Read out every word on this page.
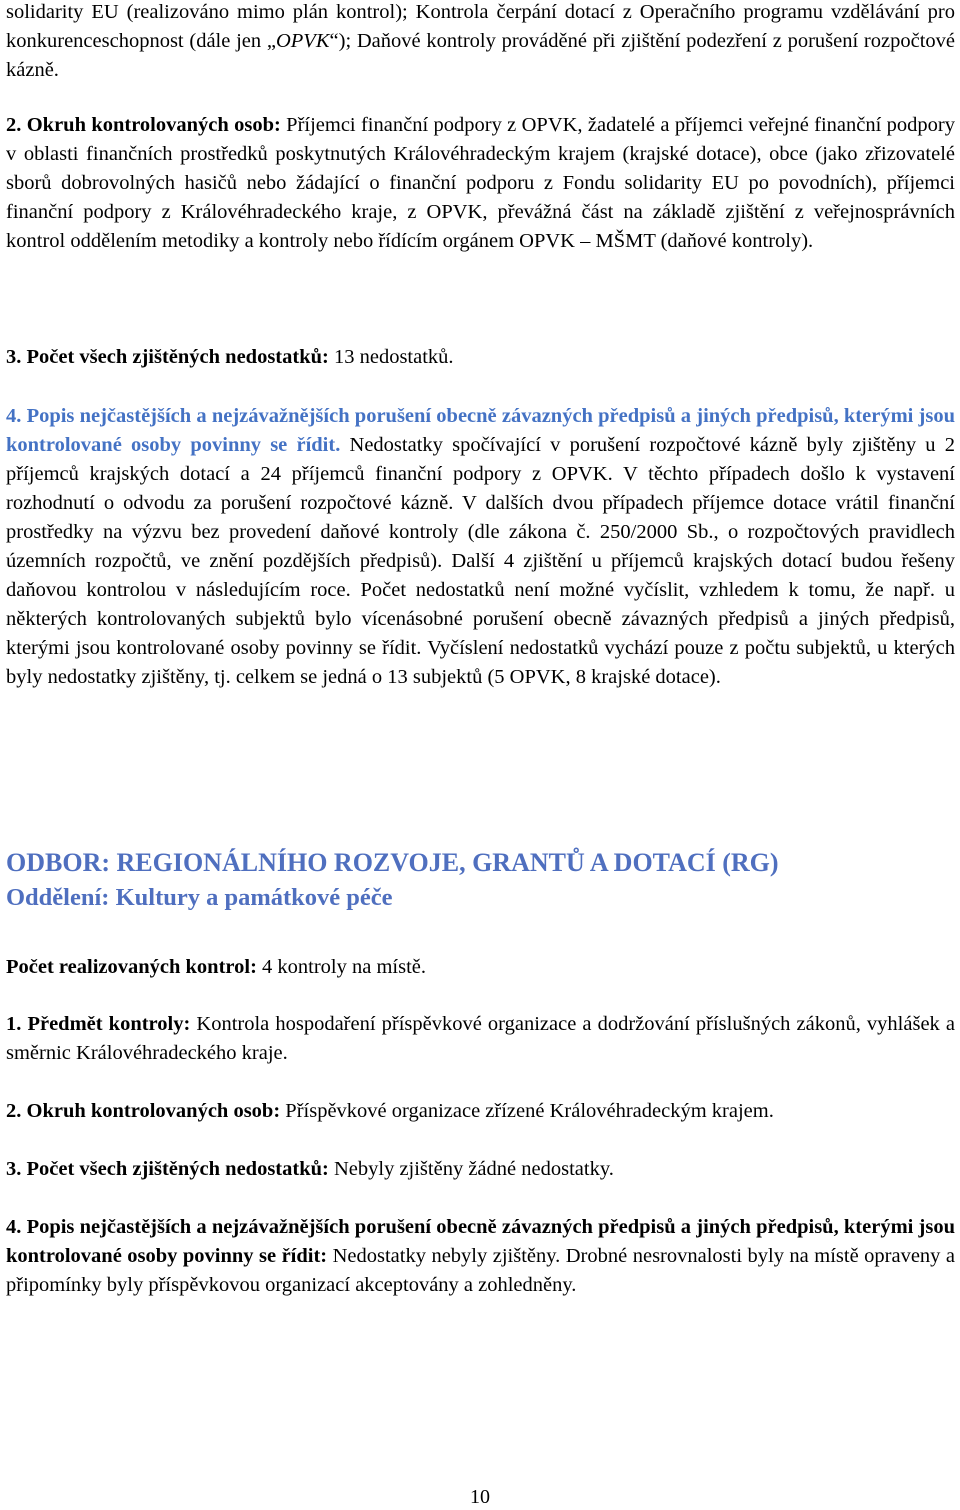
solidarity EU (realizováno mimo plán kontrol); Kontrola čerpání dotací z Operačního programu vzdělávání pro konkurenceschopnost (dále jen „OPVK“); Daňové kontroly prováděné při zjištění podezření z porušení rozpočtové kázně.

2. Okruh kontrolovaných osob: Příjemci finanční podpory z OPVK, žadatelé a příjemci veřejné finanční podpory v oblasti finančních prostředků poskytnutých Královéhradeckým krajem (krajské dotace), obce (jako zřizovatelé sborů dobrovolných hasičů nebo žádající o finanční podporu z Fondu solidarity EU po povodních), příjemci finanční podpory z Královéhradeckého kraje, z OPVK, převážná část na základě zjištění z veřejnosprávních kontrol oddělením metodiky a kontroly nebo řídícím orgánem OPVK – MŠMT (daňové kontroly).

3. Počet všech zjištěných nedostatků: 13 nedostatků.

4. Popis nejčastějších a nejzávažnějších porušení obecně závazných předpisů a jiných předpisů, kterými jsou kontrolované osoby povinny se řídit. Nedostatky spočívající v porušení rozpočtové kázně byly zjištěny u 2 příjemců krajských dotací a 24 příjemců finanční podpory z OPVK. V těchto případech došlo k vystavení rozhodnutí o odvodu za porušení rozpočtové kázně. V dalších dvou případech příjemce dotace vrátil finanční prostředky na výzvu bez provedení daňové kontroly (dle zákona č. 250/2000 Sb., o rozpočtových pravidlech územních rozpočtů, ve znění pozdějších předpisů). Další 4 zjištění u příjemců krajských dotací budou řešeny daňovou kontrolou v následujícím roce. Počet nedostatků není možné vyčíslit, vzhledem k tomu, že např. u některých kontrolovaných subjektů bylo vícenásobné porušení obecně závazných předpisů a jiných předpisů, kterými jsou kontrolované osoby povinny se řídit. Vyčíslení nedostatků vychází pouze z počtu subjektů, u kterých byly nedostatky zjištěny, tj. celkem se jedná o 13 subjektů (5 OPVK, 8 krajské dotace).

ODBOR: REGIONÁLNÍHO ROZVOJE, GRANTŮ A DOTACÍ (RG)
Oddělení: Kultury a památkové péče

Počet realizovaných kontrol: 4 kontroly na místě.

1. Předmět kontroly: Kontrola hospodaření příspěvkové organizace a dodržování příslušných zákonů, vyhlášek a směrnic Královéhradeckého kraje.

2. Okruh kontrolovaných osob: Příspěvkové organizace zřízené Královéhradeckým krajem.

3. Počet všech zjištěných nedostatků: Nebyly zjištěny žádné nedostatky.

4. Popis nejčastějších a nejzávažnějších porušení obecně závazných předpisů a jiných předpisů, kterými jsou kontrolované osoby povinny se řídit: Nedostatky nebyly zjištěny. Drobné nesrovnalosti byly na místě opraveny a připomínky byly příspěvkovou organizací akceptovány a zohledněny.

10
